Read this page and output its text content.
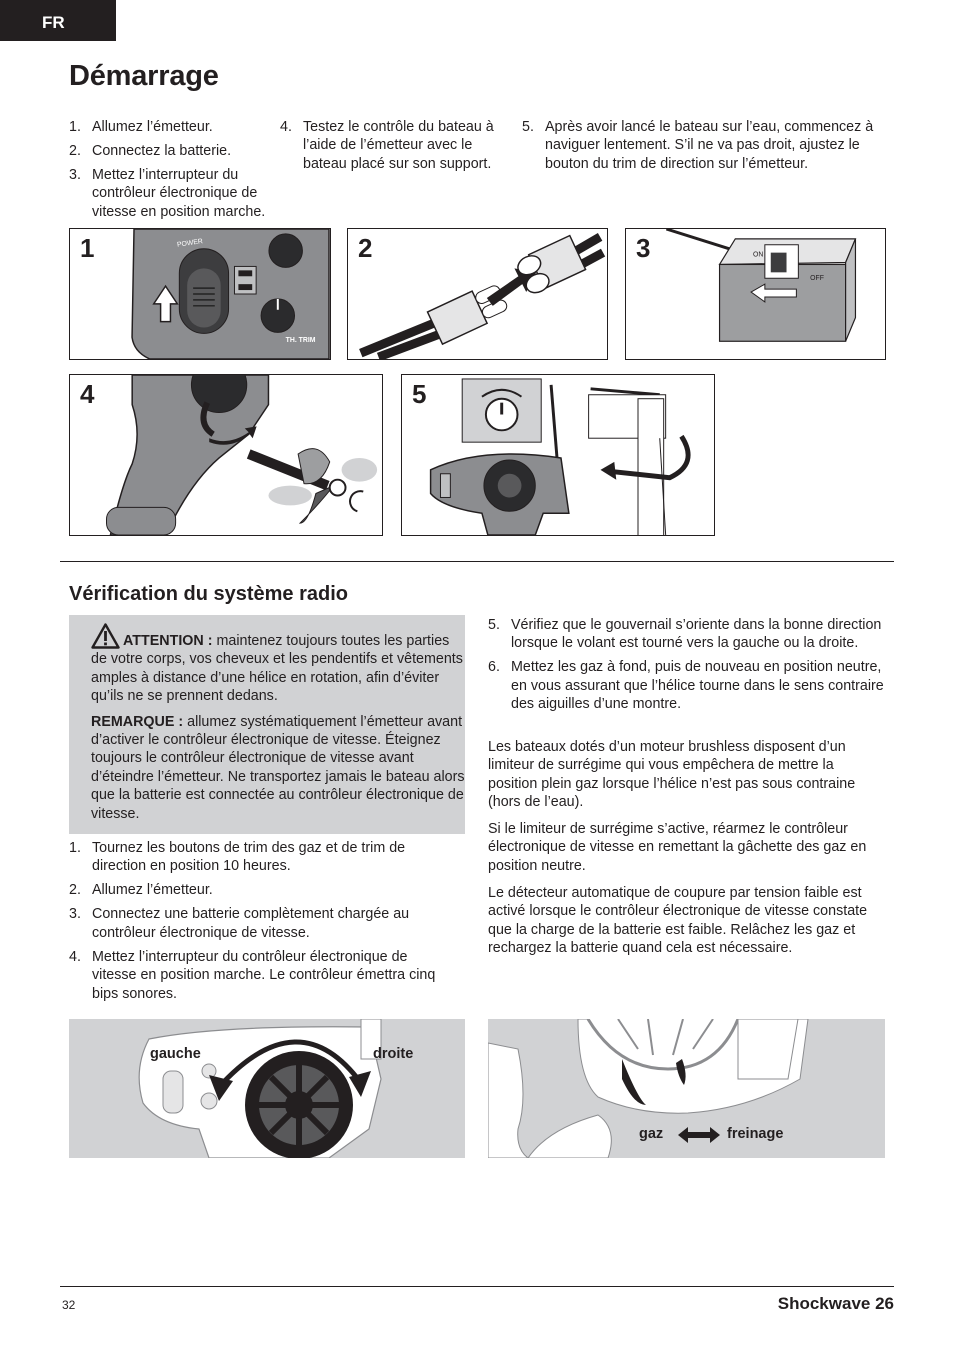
FR
Démarrage
1. Allumez l’émetteur.
2. Connectez la batterie.
3. Mettez l’interrupteur du contrôleur électronique de vitesse en position marche.
4. Testez le contrôle du bateau à l’aide de l’émetteur avec le bateau placé sur son support.
5. Après avoir lancé le bateau sur l’eau, commencez à naviguer lentement. S’il ne va pas droit, ajustez le bouton du trim de direction sur l’émetteur.
1	POWER
TH. TRIM
2	3	ON
OFF
4	5
Vérification du système radio

ATTENTION : maintenez toujours toutes les parties de votre corps, vos cheveux et les pendentifs et vêtements amples à distance d’une hélice en rotation, afin d’éviter qu’ils ne se prennent dedans.

REMARQUE : allumez systématiquement l’émetteur avant d’activer le contrôleur électronique de vitesse. Éteignez toujours le contrôleur électronique de vitesse avant d’éteindre l’émetteur. Ne transportez jamais le bateau alors que la batterie est connectée au contrôleur électronique de vitesse.

1. Tournez les boutons de trim des gaz et de trim de direction en position 10 heures.
2. Allumez l’émetteur.
3. Connectez une batterie complètement chargée au contrôleur électronique de vitesse.
4. Mettez l’interrupteur du contrôleur électronique de vitesse en position marche. Le contrôleur émettra cinq bips sonores.
5. Vérifiez que le gouvernail s’oriente dans la bonne direction lorsque le volant est tourné vers la gauche ou la droite.
6. Mettez les gaz à fond, puis de nouveau en position neutre, en vous assurant que l’hélice tourne dans le sens contraire des aiguilles d’une montre.

Les bateaux dotés d’un moteur brushless disposent d’un limiteur de surrégime qui vous empêchera de mettre la position plein gaz lorsque l’hélice n’est pas sous contraine (hors de l’eau).

Si le limiteur de surrégime s’active, réarmez le contrôleur électronique de vitesse en remettant la gâchette des gaz en position neutre.

Le détecteur automatique de coupure par tension faible est activé lorsque le contrôleur électronique de vitesse constate que la charge de la batterie est faible. Relâchez les gaz et rechargez la batterie quand cela est nécessaire.

gauche	droite
gaz	freinage
32	Shockwave 26
